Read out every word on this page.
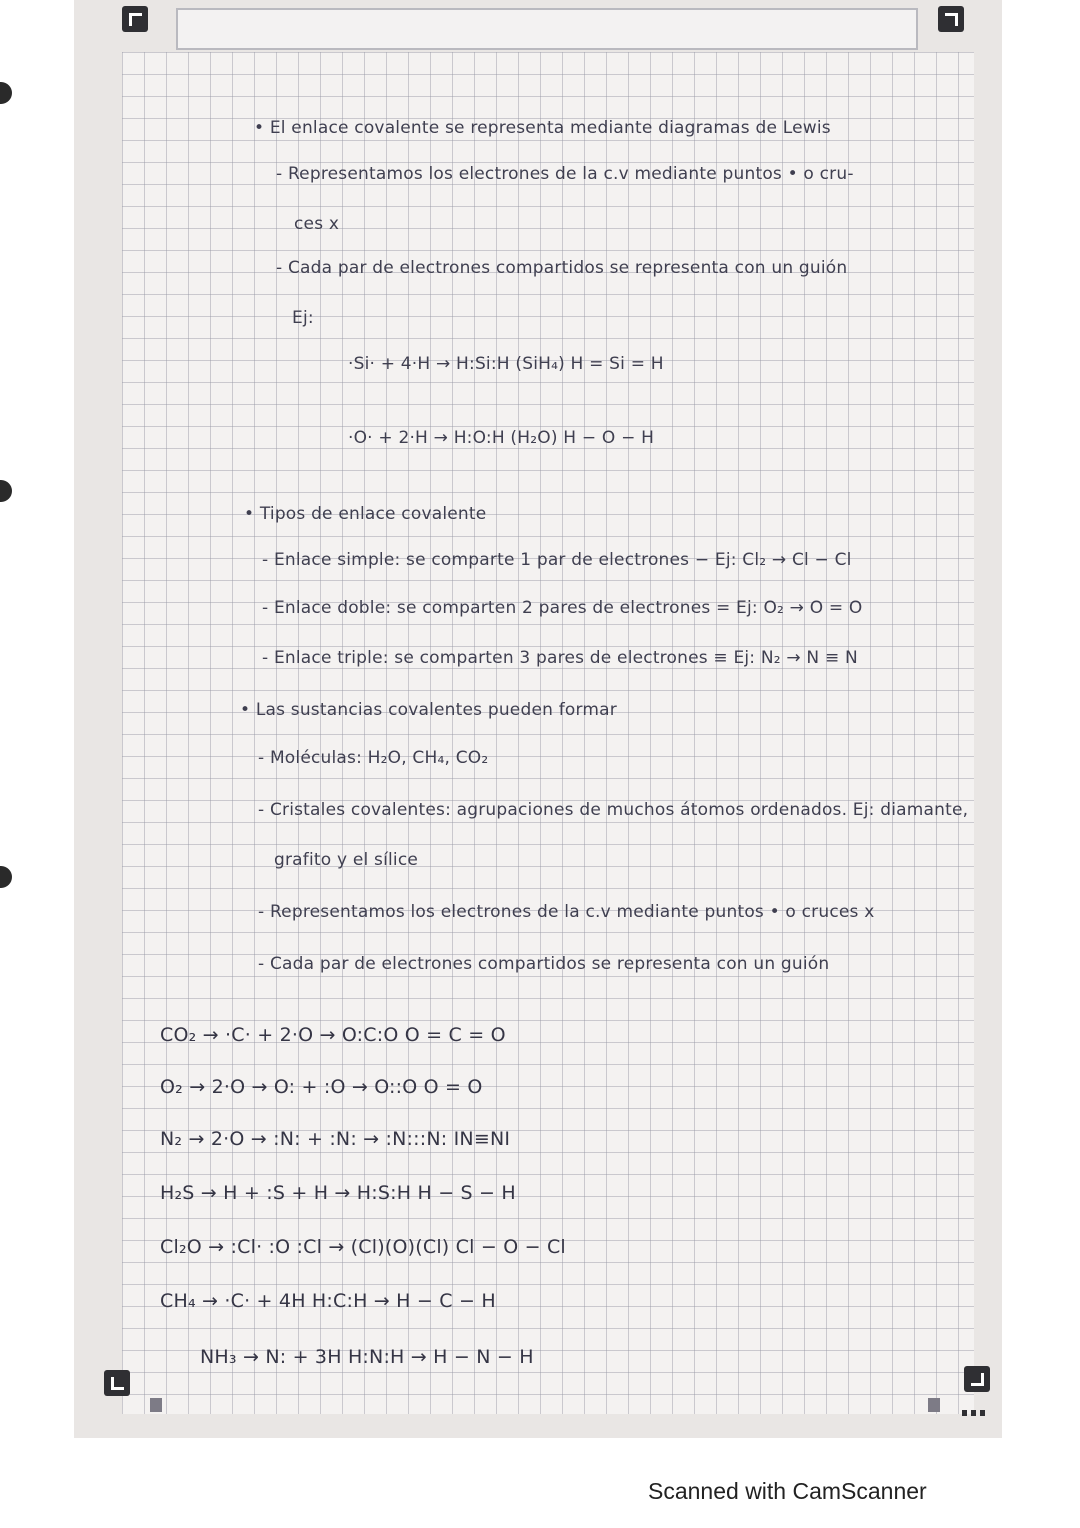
• El enlace covalente se representa mediante diagramas de Lewis
- Representamos los electrones de la c.v mediante puntos • o cru-
ces x
- Cada par de electrones compartidos se representa con un guión
Ej:
·Si· + 4·H → H:Si:H (SiH₄) H = Si = H
·O· + 2·H → H:O:H (H₂O) H − O − H
• Tipos de enlace covalente
- Enlace simple: se comparte 1 par de electrones − Ej: Cl₂ → Cl − Cl
- Enlace doble: se comparten 2 pares de electrones = Ej: O₂ → O = O
- Enlace triple: se comparten 3 pares de electrones ≡ Ej: N₂ → N ≡ N
• Las sustancias covalentes pueden formar
- Moléculas: H₂O, CH₄, CO₂
- Cristales covalentes: agrupaciones de muchos átomos ordenados. Ej: diamante,
grafito y el sílice
- Representamos los electrones de la c.v mediante puntos • o cruces x
- Cada par de electrones compartidos se representa con un guión
CO₂ → ·C· + 2·O → O:C:O O = C = O
O₂ → 2·O → O: + :O → O::O O = O
N₂ → 2·O → :N: + :N: → :N:::N: IN≡NI
H₂S → H + :S + H → H:S:H H − S − H
Cl₂O → :Cl· :O :Cl → (Cl)(O)(Cl) Cl − O − Cl
CH₄ → ·C· + 4H H:C:H → H − C − H
NH₃ → N: + 3H H:N:H → H − N − H
Scanned with CamScanner
